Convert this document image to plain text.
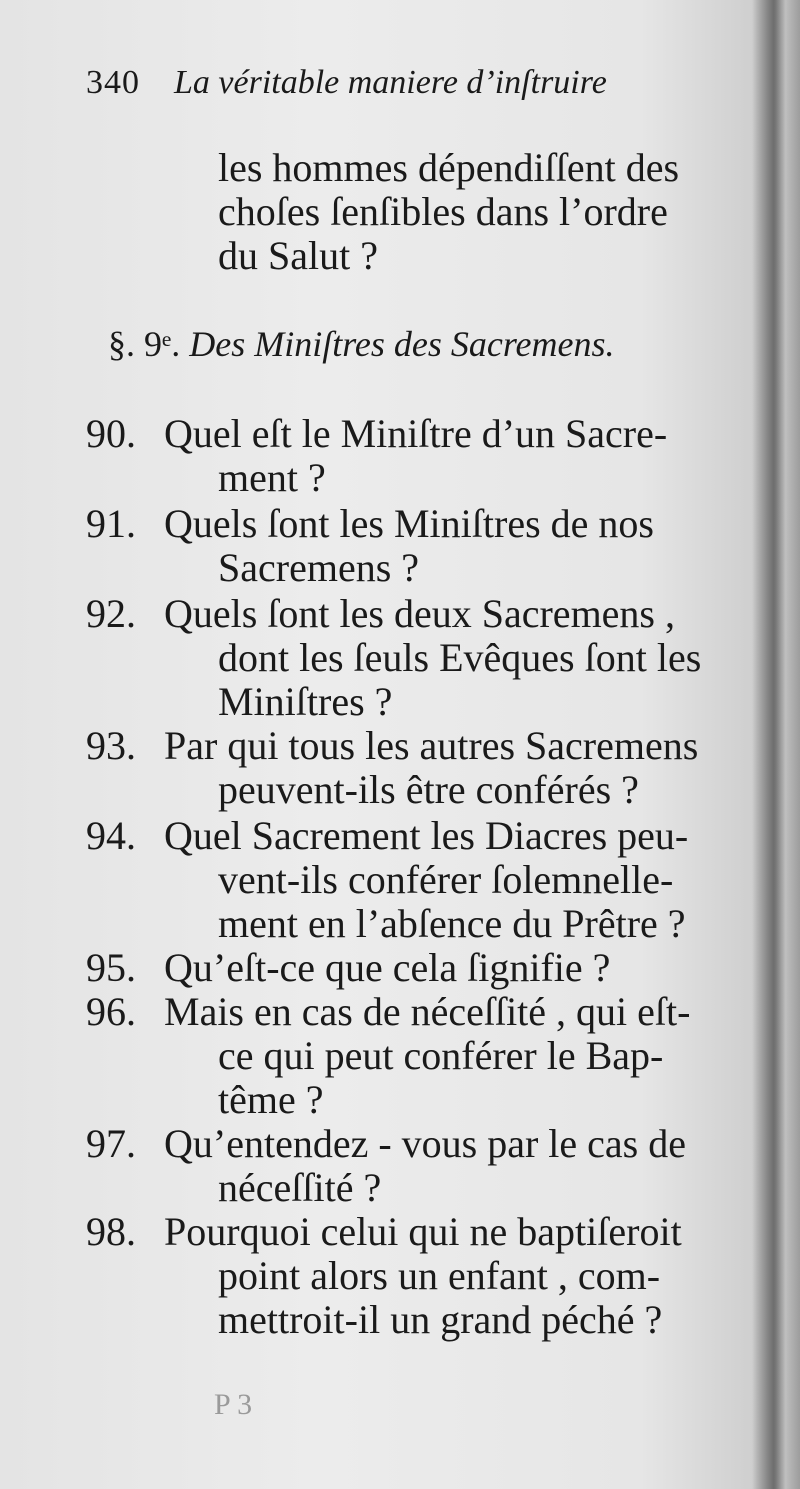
340 La véritable maniere d’inſtruire
les hommes dépendiſſent des
choſes ſenſibles dans l’ordre
du Salut ?
§. 9ᵉ. Des Miniſtres des Sacremens.
90. Quel eſt le Miniſtre d’un Sacre-
ment ?
91. Quels ſont les Miniſtres de nos
Sacremens ?
92. Quels ſont les deux Sacremens ,
dont les ſeuls Evêques ſont les
Miniſtres ?
93. Par qui tous les autres Sacremens
peuvent-ils être conférés ?
94. Quel Sacrement les Diacres peu-
vent-ils conférer ſolemnelle-
ment en l’abſence du Prêtre ?
95. Qu’eſt-ce que cela ſignifie ?
96. Mais en cas de néceſſité , qui eſt-
ce qui peut conférer le Bap-
tême ?
97. Qu’entendez - vous par le cas de
néceſſité ?
98. Pourquoi celui qui ne baptiſeroit
point alors un enfant , com-
mettroit-il un grand péché ?
P 3
